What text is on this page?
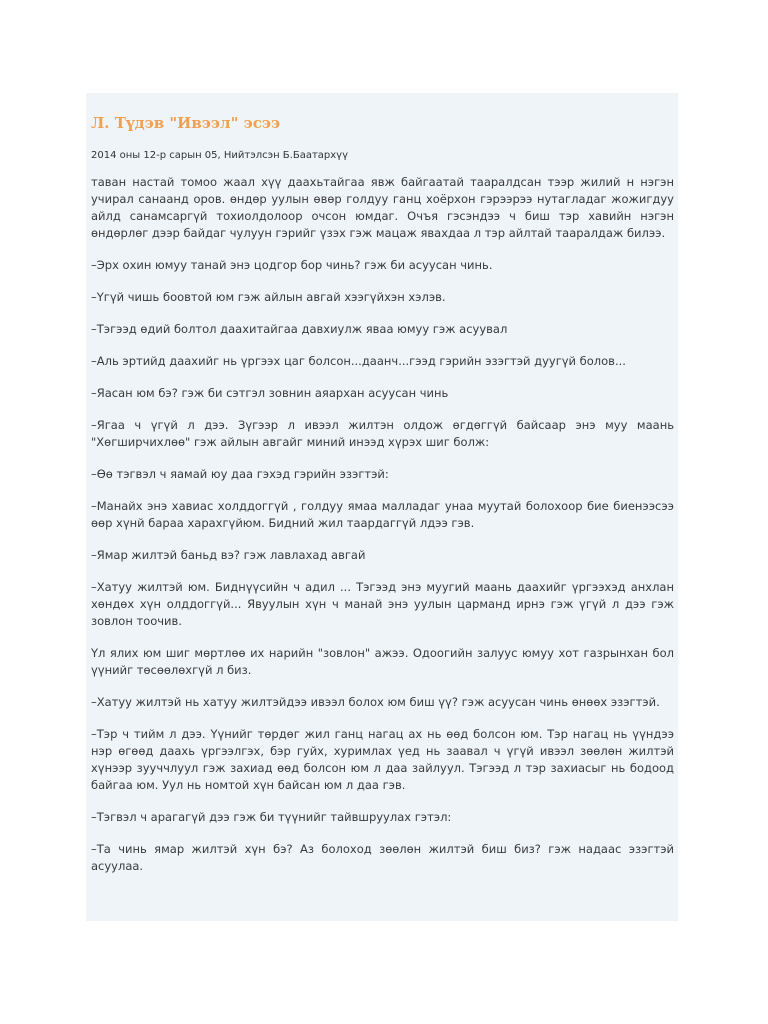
Л. Түдэв "Ивээл" эсээ
2014 оны 12-р сарын 05, Нийтэлсэн Б.Баатархүү

таван настай томоо жаал хүү даахьтайгаа явж байгаатай таарaлдсан тээр жилий н нэгэн учирал санаанд оров. өндөр уулын өвөр голдуу ганц хоёрхон гэрээрээ нутагладаг жожигдуу айлд санамсаргүй тохиолдолоор очсон юмдаг. Очъя гэсэндээ ч биш тэр хавийн нэгэн өндөрлөг дээр байдаг чулуун гэрийг үзэх гэж мацаж явахдаа л тэр айлтай таарaлдаж билээ.

–Эрх охин юмуу танай энэ цодгор бор чинь? гэж би асуусан чинь.

–Үгүй чишь боовтой юм гэж айлын авгай хээгүйхэн хэлэв.

–Тэгээд өдий болтол даахитайгаа давхиулж яваа юмуу гэж асуувал

–Аль эртийд даахийг нь үргээх цаг болсон...даанч...гээд гэрийн эзэгтэй дуугүй болов...

–Яасан юм бэ? гэж би сэтгэл зовнин аяархан асуусан чинь

–Ягаа ч үгүй л дээ. Зүгээр л ивээл жилтэн олдож өгдөггүй байсаар энэ муу маань "Хөгширчихлөө" гэж айлын авгайг миний инээд хүрэх шиг болж:

–Өө тэгвэл ч яамай юу даа гэхэд гэрийн эзэгтэй:

–Манайх энэ хавиас холддоггүй , голдуу ямаа малладаг унаа муутай болохоор бие биенээсээ өөр хүнй бараа харахгүйюм. Бидний жил таардаггүй лдээ гэв.

–Ямар жилтэй баньд вэ? гэж лавлахад авгай

–Хатуу жилтэй юм. Биднүүсийн ч адил ... Тэгээд энэ муугий маань даахийг үргээхэд анхлан хөндөх хүн олддоггүй... Явуулын хүн ч манай энэ уулын царманд ирнэ гэж үгүй л дээ гэж зовлон тоочив.

Үл ялих юм шиг мөртлөө их нарийн "зовлон" ажээ. Одоогийн залуус юмуу хот газрынхан бол үүнийг төсөөлөхгүй л биз.

–Хатуу жилтэй нь хатуу жилтэйдээ ивээл болох юм биш үү? гэж асуусан чинь өнөөх эзэгтэй.

–Тэр ч тийм л дээ. Үүнийг төрдөг жил ганц нагац ах нь өөд болсон юм. Тэр нагац нь үүндээ нэр өгөөд даахь үргээлгэх, бэр гуйх, хуримлах үед нь заавал ч үгүй ивээл зөөлөн жилтэй хүнээр зууччлуул гэж захиад өөд болсон юм л даа зайлуул. Тэгээд л тэр захиасыг нь бодоод байгаа юм. Уул нь номтой хүн байсан юм л даа гэв.

–Тэгвэл ч арагагүй дээ гэж би түүнийг тайвшруулах гэтэл:

–Та чинь ямар жилтэй хүн бэ? Аз болоход зөөлөн жилтэй биш биз? гэж надаас эзэгтэй асуулаа.
